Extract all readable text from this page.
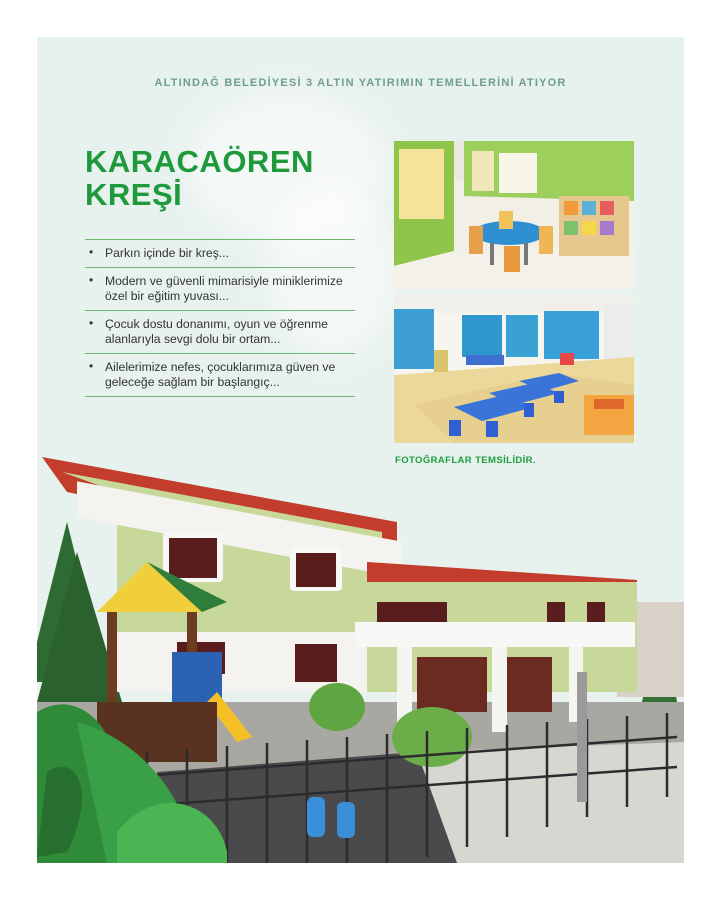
ALTINDAĞ BELEDİYESİ 3 ALTIN YATIRIMIN TEMELLERİNİ ATIYOR
KARACAÖREN
KREŞİ
• Parkın içinde bir kreş...
• Modern ve güvenli mimarisiyle miniklerimize özel bir eğitim yuvası...
• Çocuk dostu donanımı, oyun ve öğrenme alanlarıyla sevgi dolu bir ortam...
• Ailelerimize nefes, çocuklarımıza güven ve geleceğe sağlam bir başlangıç...
FOTOĞRAFLAR TEMSİLİDİR.
